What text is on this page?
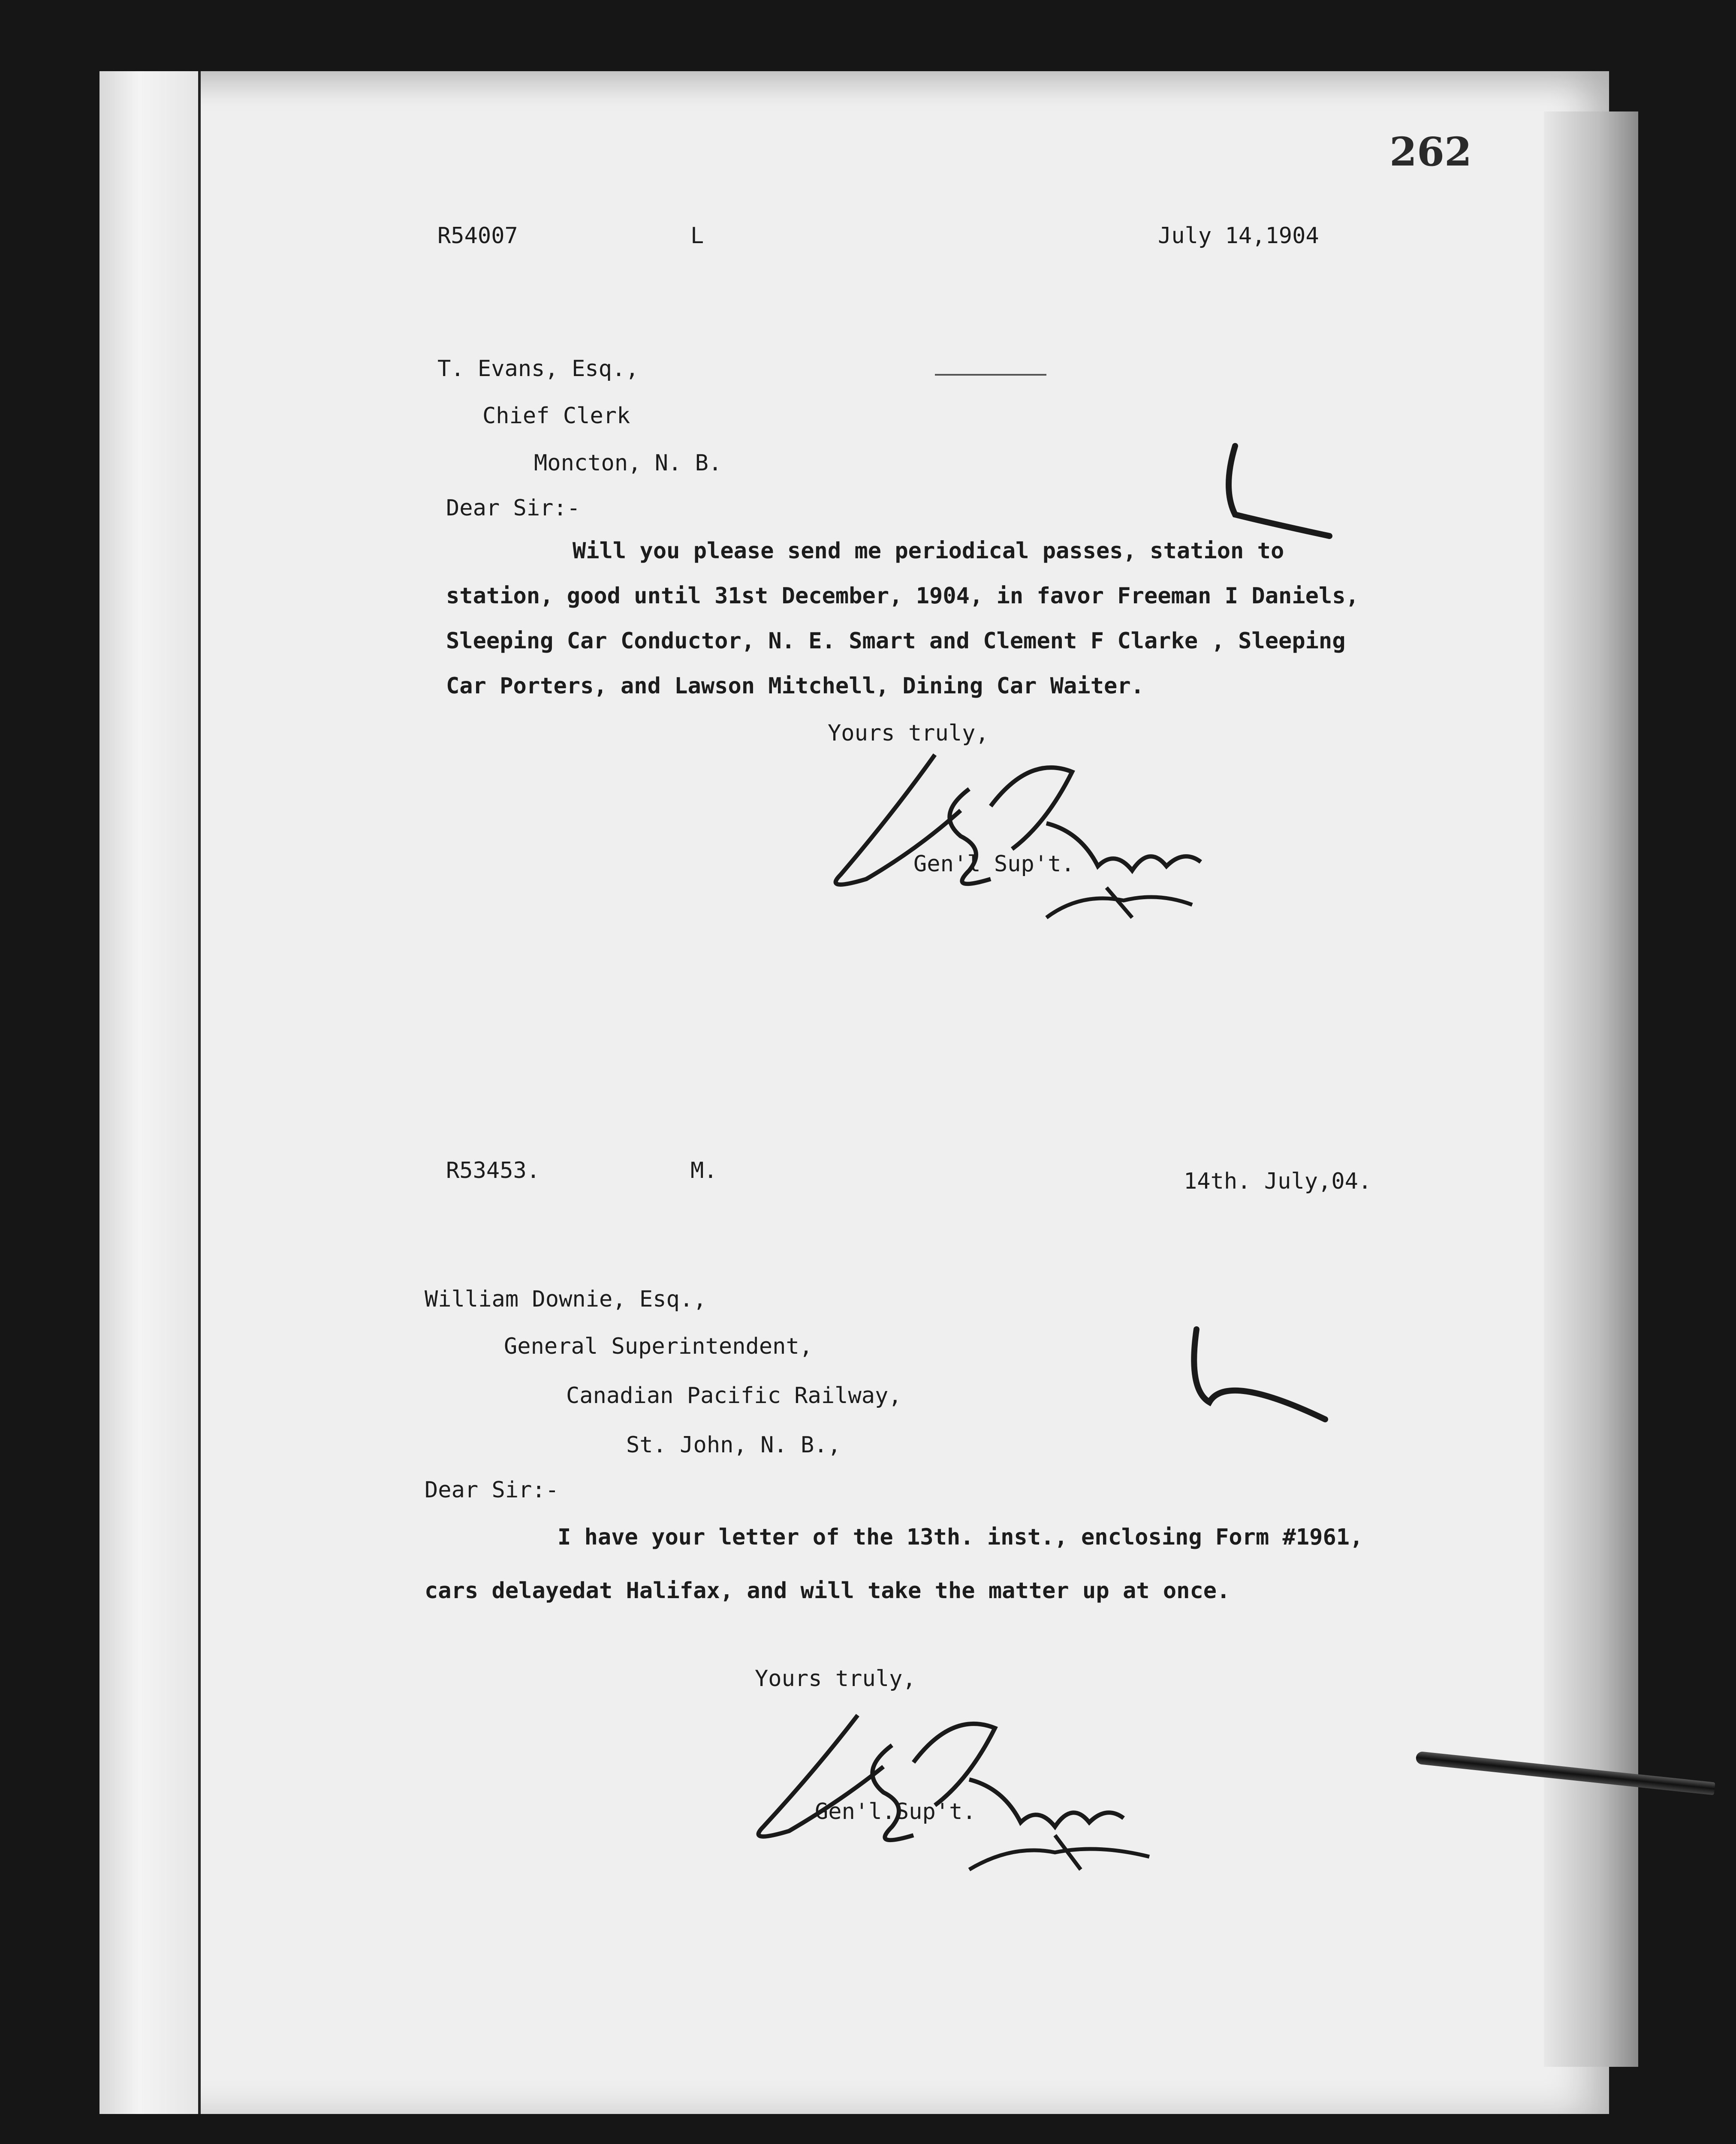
262
R54007	L	July 14,1904
T. Evans, Esq.,
Chief Clerk
Moncton, N. B.
Dear Sir:-
Will you please send me periodical passes, station to
station, good until 31st December, 1904, in favor Freeman I Daniels,
Sleeping Car Conductor, N. E. Smart and Clement F Clarke , Sleeping
Car Porters, and Lawson Mitchell, Dining Car Waiter.
Yours truly,
Gen'l Sup't.
R53453.	M.	14th. July,04.
William Downie, Esq.,
General Superintendent,
Canadian Pacific Railway,
St. John, N. B.,
Dear Sir:-
I have your letter of the 13th. inst., enclosing Form #1961,
cars delayedat Halifax, and will take the matter up at once.
Yours truly,
Gen'l.Sup't.
